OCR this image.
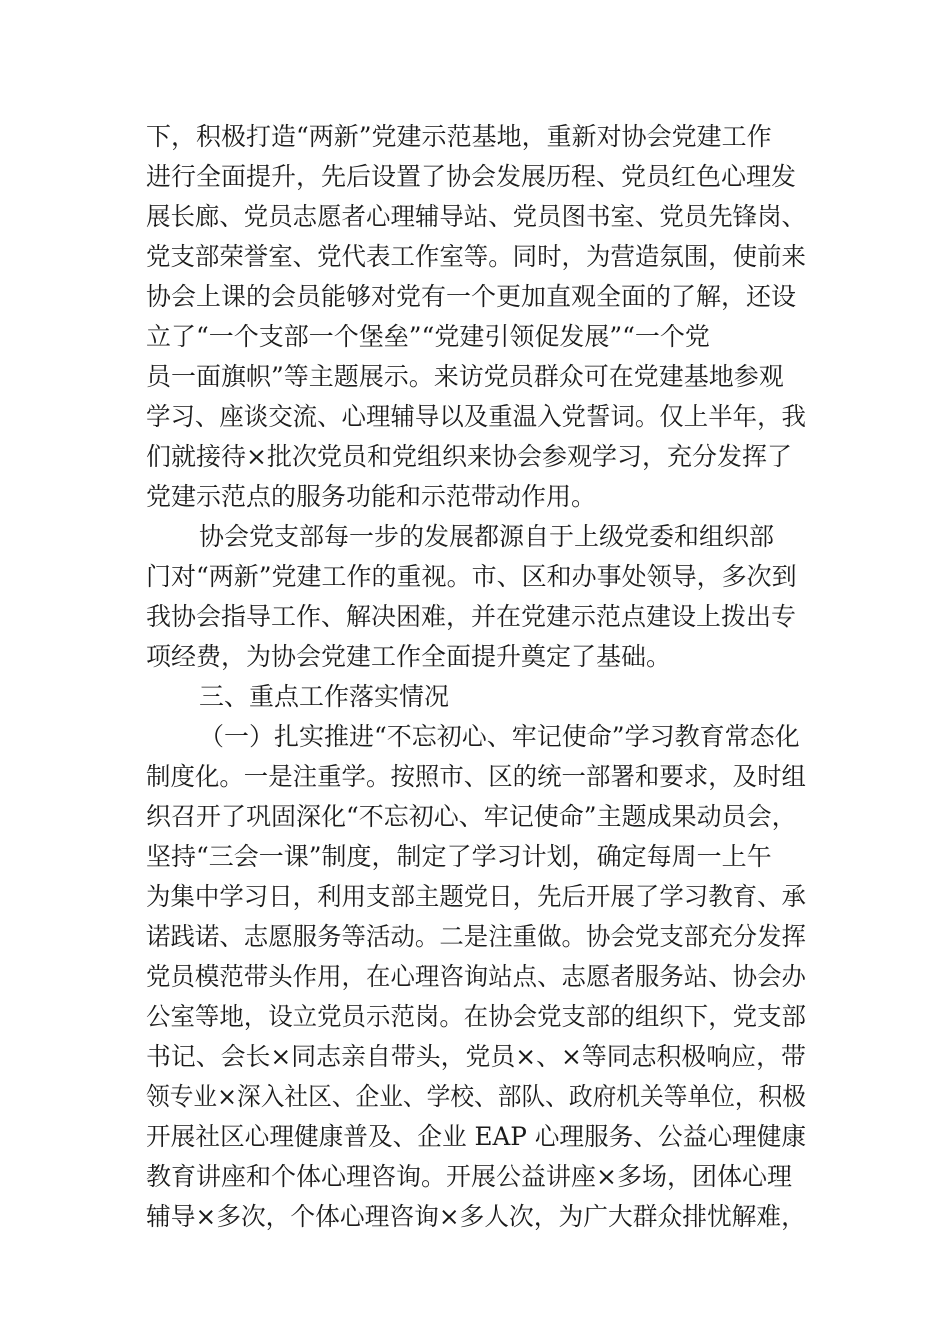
下，积极打造“两新”党建示范基地，重新对协会党建工作

进行全面提升，先后设置了协会发展历程、党员红色心理发

展长廊、党员志愿者心理辅导站、党员图书室、党员先锋岗、

党支部荣誉室、党代表工作室等。同时，为营造氛围，使前来

协会上课的会员能够对党有一个更加直观全面的了解，还设

立了“一个支部一个堡垒”“党建引领促发展”“一个党

员一面旗帜”等主题展示。来访党员群众可在党建基地参观

学习、座谈交流、心理辅导以及重温入党誓词。仅上半年，我

们就接待×批次党员和党组织来协会参观学习，充分发挥了

党建示范点的服务功能和示范带动作用。

协会党支部每一步的发展都源自于上级党委和组织部

门对“两新”党建工作的重视。市、区和办事处领导，多次到

我协会指导工作、解决困难，并在党建示范点建设上拨出专

项经费，为协会党建工作全面提升奠定了基础。

三、重点工作落实情况

（一）扎实推进“不忘初心、牢记使命”学习教育常态化

制度化。一是注重学。按照市、区的统一部署和要求，及时组

织召开了巩固深化“不忘初心、牢记使命”主题成果动员会，

坚持“三会一课”制度，制定了学习计划，确定每周一上午

为集中学习日，利用支部主题党日，先后开展了学习教育、承

诺践诺、志愿服务等活动。二是注重做。协会党支部充分发挥

党员模范带头作用，在心理咨询站点、志愿者服务站、协会办

公室等地，设立党员示范岗。在协会党支部的组织下，党支部

书记、会长×同志亲自带头，党员×、×等同志积极响应，带

领专业×深入社区、企业、学校、部队、政府机关等单位，积极

开展社区心理健康普及、企业 EAP 心理服务、公益心理健康

教育讲座和个体心理咨询。开展公益讲座×多场，团体心理

辅导×多次，个体心理咨询×多人次，为广大群众排忧解难，
